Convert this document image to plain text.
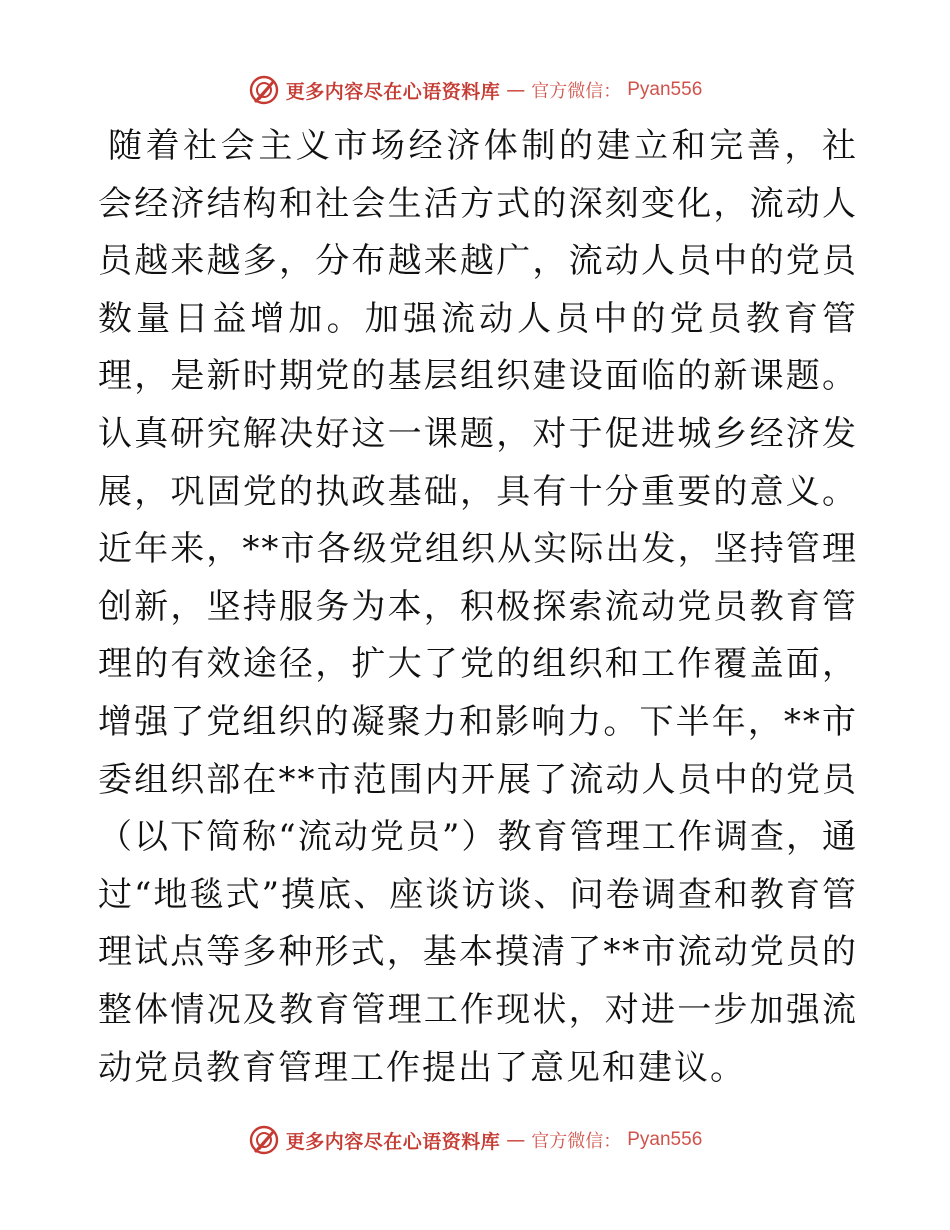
更多内容尽在心语资料库 — 官方微信： Pyan556

随着社会主义市场经济体制的建立和完善，社会经济结构和社会生活方式的深刻变化，流动人员越来越多，分布越来越广，流动人员中的党员数量日益增加。加强流动人员中的党员教育管理，是新时期党的基层组织建设面临的新课题。认真研究解决好这一课题，对于促进城乡经济发展，巩固党的执政基础，具有十分重要的意义。近年来，**市各级党组织从实际出发，坚持管理创新，坚持服务为本，积极探索流动党员教育管理的有效途径，扩大了党的组织和工作覆盖面，增强了党组织的凝聚力和影响力。下半年，**市委组织部在**市范围内开展了流动人员中的党员（以下简称“流动党员”）教育管理工作调查，通过“地毯式”摸底、座谈访谈、问卷调查和教育管理试点等多种形式，基本摸清了**市流动党员的整体情况及教育管理工作现状，对进一步加强流动党员教育管理工作提出了意见和建议。

更多内容尽在心语资料库 — 官方微信： Pyan556
